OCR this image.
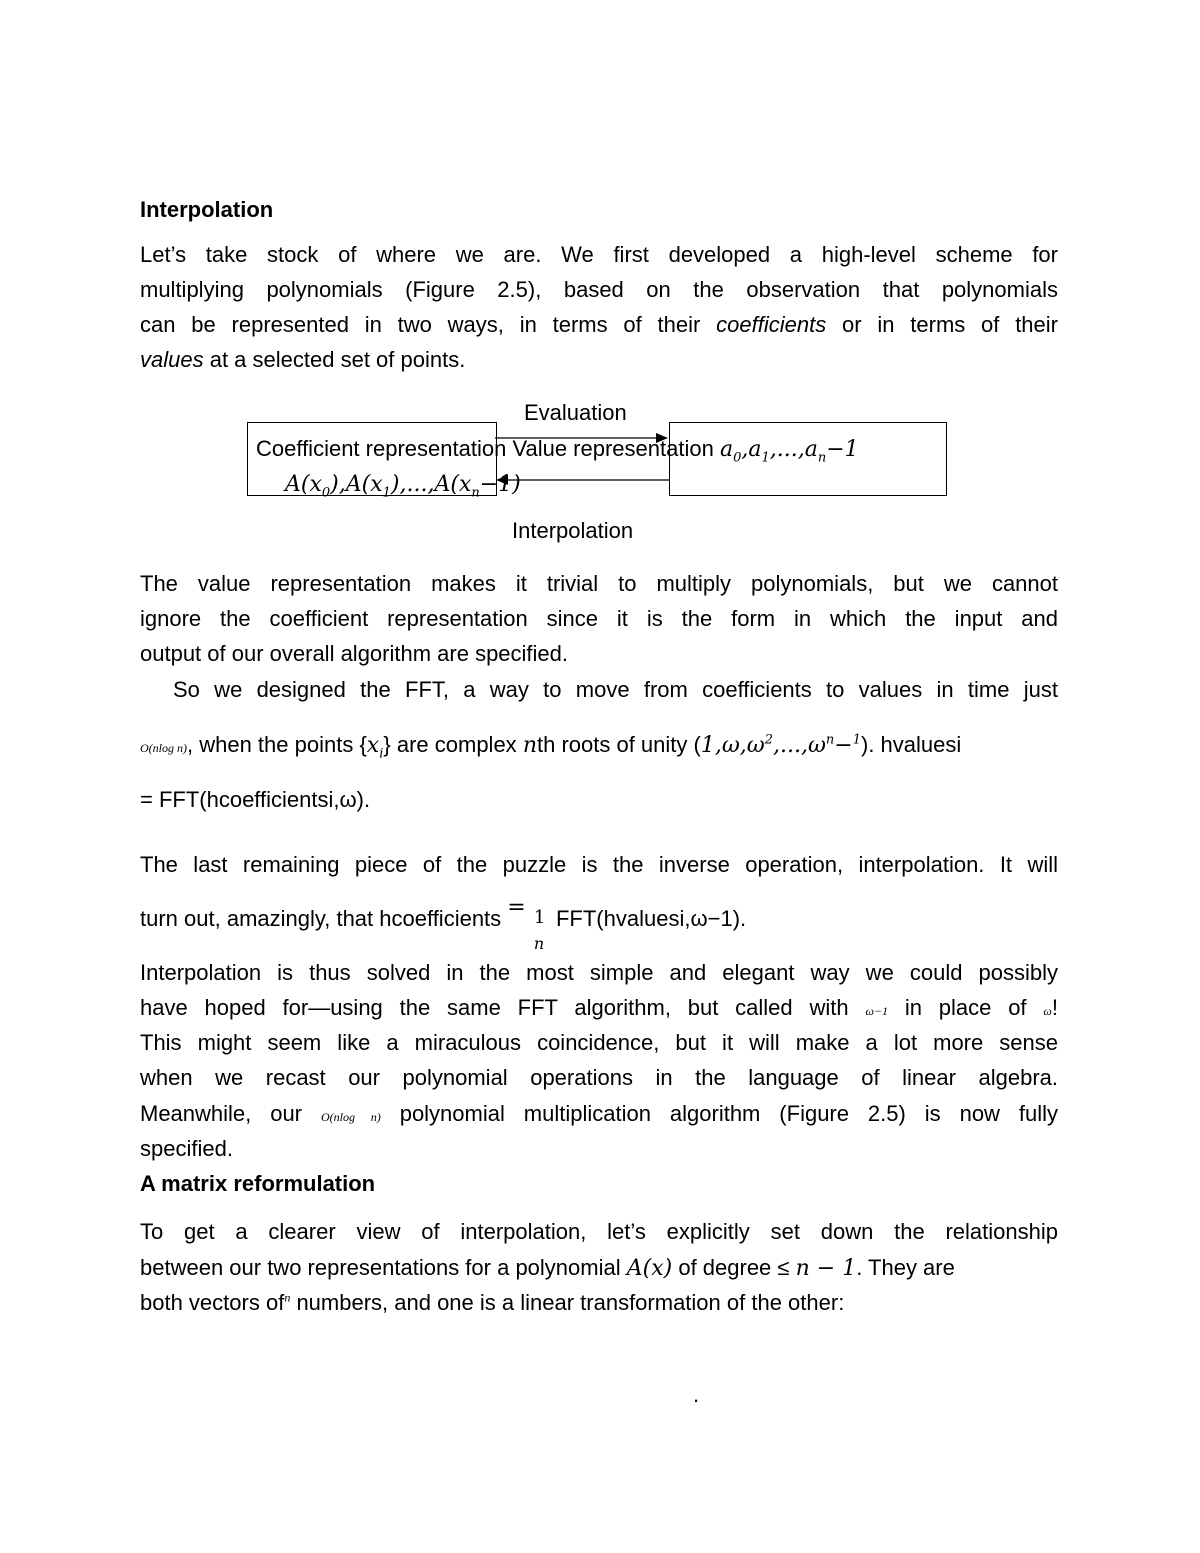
Interpolation
Let’s take stock of where we are. We first developed a high-level scheme for
multiplying polynomials (Figure 2.5), based on the observation that polynomials
can be represented in two ways, in terms of their coefficients or in terms of their
values at a selected set of points.
Evaluation
Coefficient representation Value representation $a_0,a_1,...,a_n-1$
$A(x_0),A(x_1),...,A(x_n-1)$
Interpolation
The value representation makes it trivial to multiply polynomials, but we cannot
ignore the coefficient representation since it is the form in which the input and
output of our overall algorithm are specified.
So we designed the FFT, a way to move from coefficients to values in time just
O(nlog n), when the points $\{x_i\}$ are complex nth roots of unity $(1,\omega,\omega^2,...,\omega^n-^1)$. hvaluesi
= FFT(hcoefficientsi,ω).
The last remaining piece of the puzzle is the inverse operation, interpolation. It will
turn out, amazingly, that hcoefficients = 1
n
FFT(hvaluesi,ω−1).
Interpolation is thus solved in the most simple and elegant way we could possibly
have hoped for—using the same FFT algorithm, but called with ω−1 in place of ω!
This might seem like a miraculous coincidence, but it will make a lot more sense
when we recast our polynomial operations in the language of linear algebra.
Meanwhile, our O(nlog n) polynomial multiplication algorithm (Figure 2.5) is now fully
specified.
A matrix reformulation
To get a clearer view of interpolation, let’s explicitly set down the relationship
between our two representations for a polynomial A(x) of degree ≤ n − 1. They are
both vectors $of^n$ numbers, and one is a linear transformation of the other:
.
